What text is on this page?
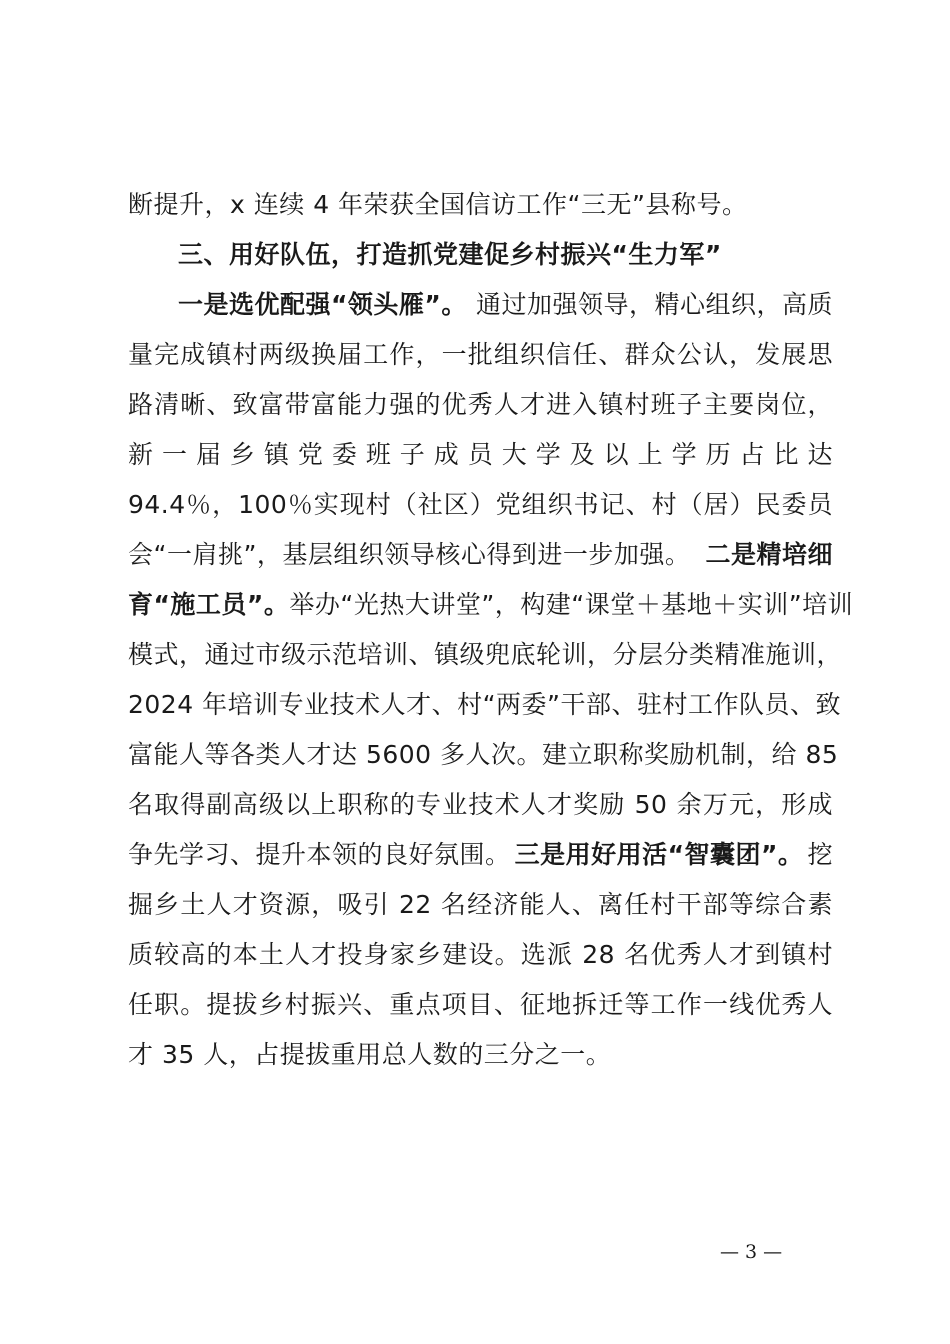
断提升，x 连续 4 年荣获全国信访工作“三无”县称号。
三、用好队伍，打造抓党建促乡村振兴“生力军”
一是选优配强“领头雁”。 通过加强领导，精心组织，高质
量完成镇村两级换届工作，一批组织信任、群众公认，发展思
路清晰、致富带富能力强的优秀人才进入镇村班子主要岗位，
新一届乡镇党委班子成员大学及以上学历占比达
94.4％，100％实现村（社区）党组织书记、村（居）民委员
会“一肩挑”，基层组织领导核心得到进一步加强。 二是精培细
育“施工员”。 举办“光热大讲堂”，构建“课堂＋基地＋实训”培训
模式，通过市级示范培训、镇级兜底轮训，分层分类精准施训，
2024 年培训专业技术人才、村“两委”干部、驻村工作队员、致
富能人等各类人才达 5600 多人次。建立职称奖励机制，给 85
名取得副高级以上职称的专业技术人才奖励 50 余万元，形成
争先学习、提升本领的良好氛围。 三是用好用活“智囊团”。 挖
掘乡土人才资源，吸引 22 名经济能人、离任村干部等综合素
质较高的本土人才投身家乡建设。选派 28 名优秀人才到镇村
任职。提拔乡村振兴、重点项目、征地拆迁等工作一线优秀人
才 35 人，占提拔重用总人数的三分之一。
— 3 —
